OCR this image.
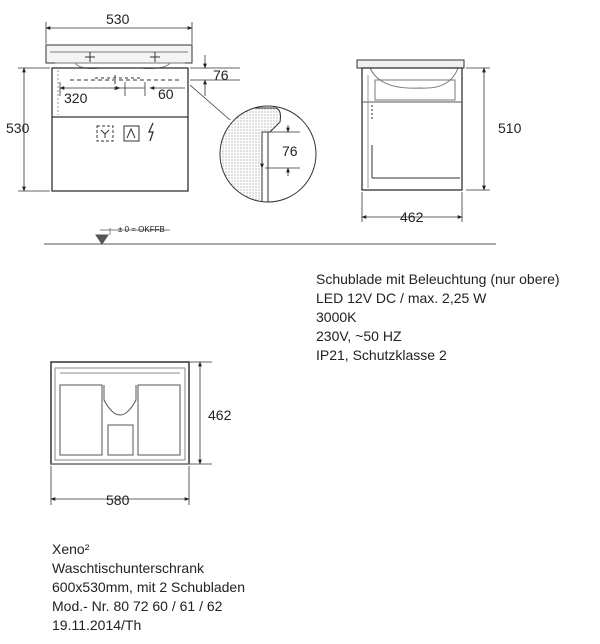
530
530
320	60
76
76
510
462
± 0 = OKFFB
462
580
Schublade mit Beleuchtung (nur obere)
LED 12V DC / max. 2,25 W
3000K
230V, ~50 HZ
IP21, Schutzklasse 2
Xeno²
Waschtischunterschrank
600x530mm, mit 2 Schubladen
Mod.- Nr. 80 72 60 / 61 / 62
19.11.2014/Th
